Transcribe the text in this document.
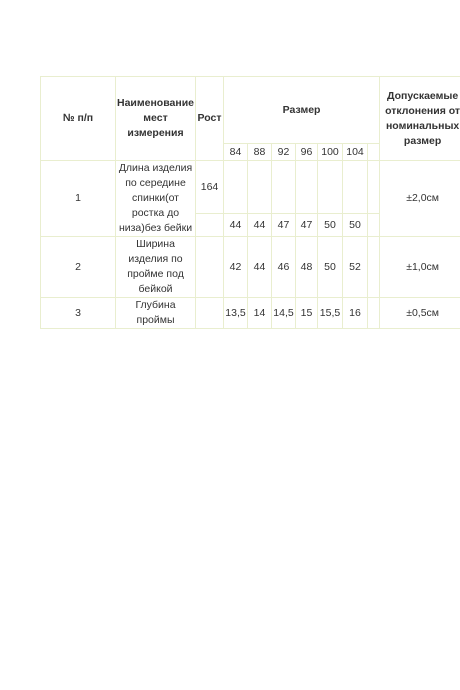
№ п/п	Наименование мест измерения	Рост	Размер							Допускаемые отклонения от номинальных размер
			84	88	92	96	100	104		
1	Длина изделия по середине спинки(от ростка до низа)без бейки	164								±2,0см
			44	44	47	47	50	50		
2	Ширина изделия по пройме под бейкой		42	44	46	48	50	52		±1,0см
3	Глубина проймы		13,5	14	14,5	15	15,5	16		±0,5см
